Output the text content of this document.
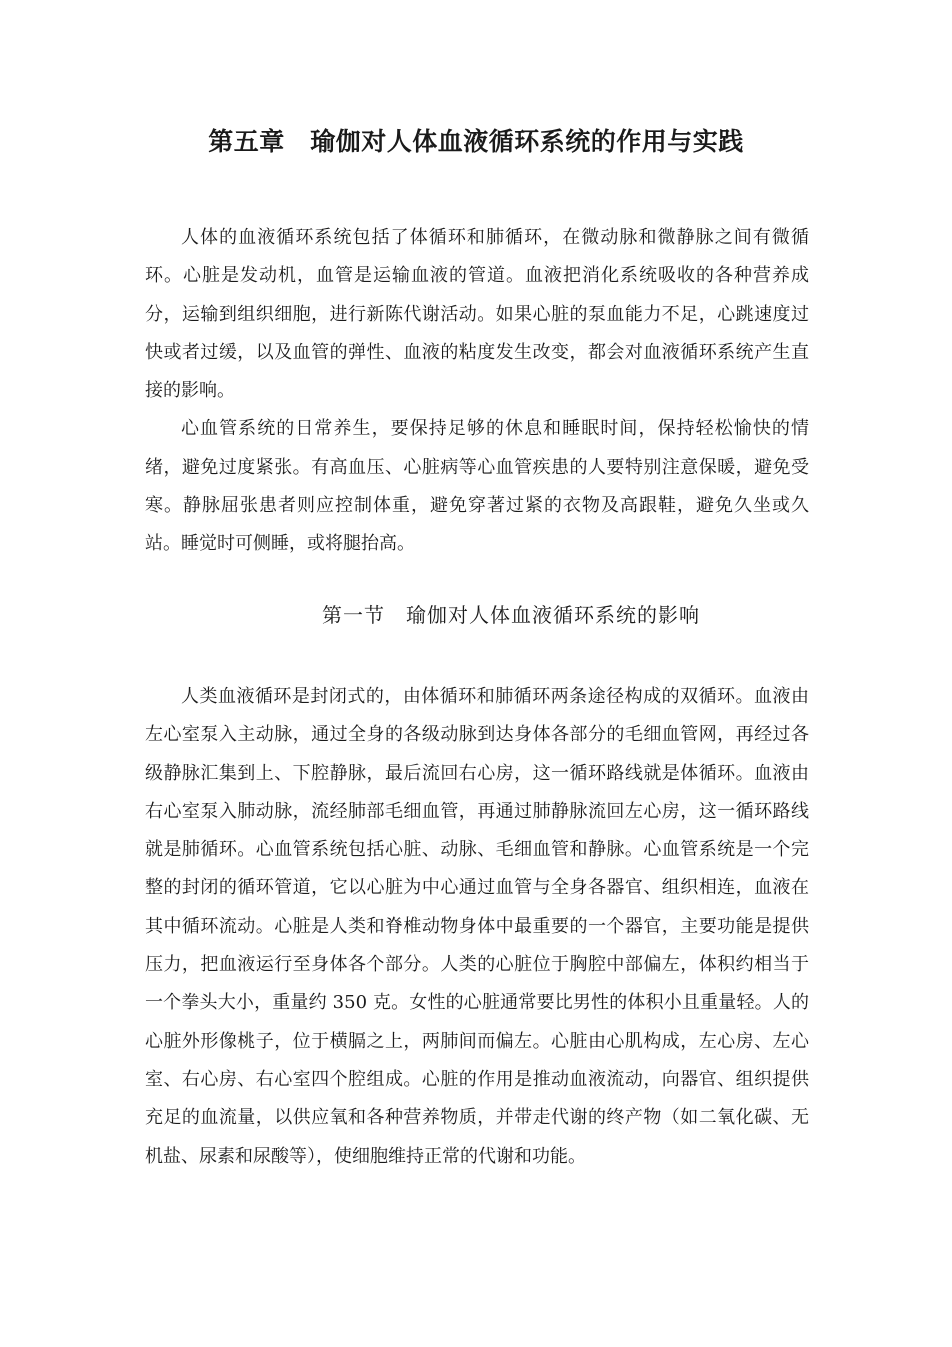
第五章　瑜伽对人体血液循环系统的作用与实践

人体的血液循环系统包括了体循环和肺循环，在微动脉和微静脉之间有微循环。心脏是发动机，血管是运输血液的管道。血液把消化系统吸收的各种营养成分，运输到组织细胞，进行新陈代谢活动。如果心脏的泵血能力不足，心跳速度过快或者过缓，以及血管的弹性、血液的粘度发生改变，都会对血液循环系统产生直接的影响。

心血管系统的日常养生，要保持足够的休息和睡眠时间，保持轻松愉快的情绪，避免过度紧张。有高血压、心脏病等心血管疾患的人要特别注意保暖，避免受寒。静脉屈张患者则应控制体重，避免穿著过紧的衣物及高跟鞋，避免久坐或久站。睡觉时可侧睡，或将腿抬高。

第一节　瑜伽对人体血液循环系统的影响

人类血液循环是封闭式的，由体循环和肺循环两条途径构成的双循环。血液由左心室泵入主动脉，通过全身的各级动脉到达身体各部分的毛细血管网，再经过各级静脉汇集到上、下腔静脉，最后流回右心房，这一循环路线就是体循环。血液由右心室泵入肺动脉，流经肺部毛细血管，再通过肺静脉流回左心房，这一循环路线就是肺循环。心血管系统包括心脏、动脉、毛细血管和静脉。心血管系统是一个完整的封闭的循环管道，它以心脏为中心通过血管与全身各器官、组织相连，血液在其中循环流动。心脏是人类和脊椎动物身体中最重要的一个器官，主要功能是提供压力，把血液运行至身体各个部分。人类的心脏位于胸腔中部偏左，体积约相当于一个拳头大小，重量约 350 克。女性的心脏通常要比男性的体积小且重量轻。人的心脏外形像桃子，位于横膈之上，两肺间而偏左。心脏由心肌构成，左心房、左心室、右心房、右心室四个腔组成。心脏的作用是推动血液流动，向器官、组织提供充足的血流量，以供应氧和各种营养物质，并带走代谢的终产物（如二氧化碳、无机盐、尿素和尿酸等），使细胞维持正常的代谢和功能。
